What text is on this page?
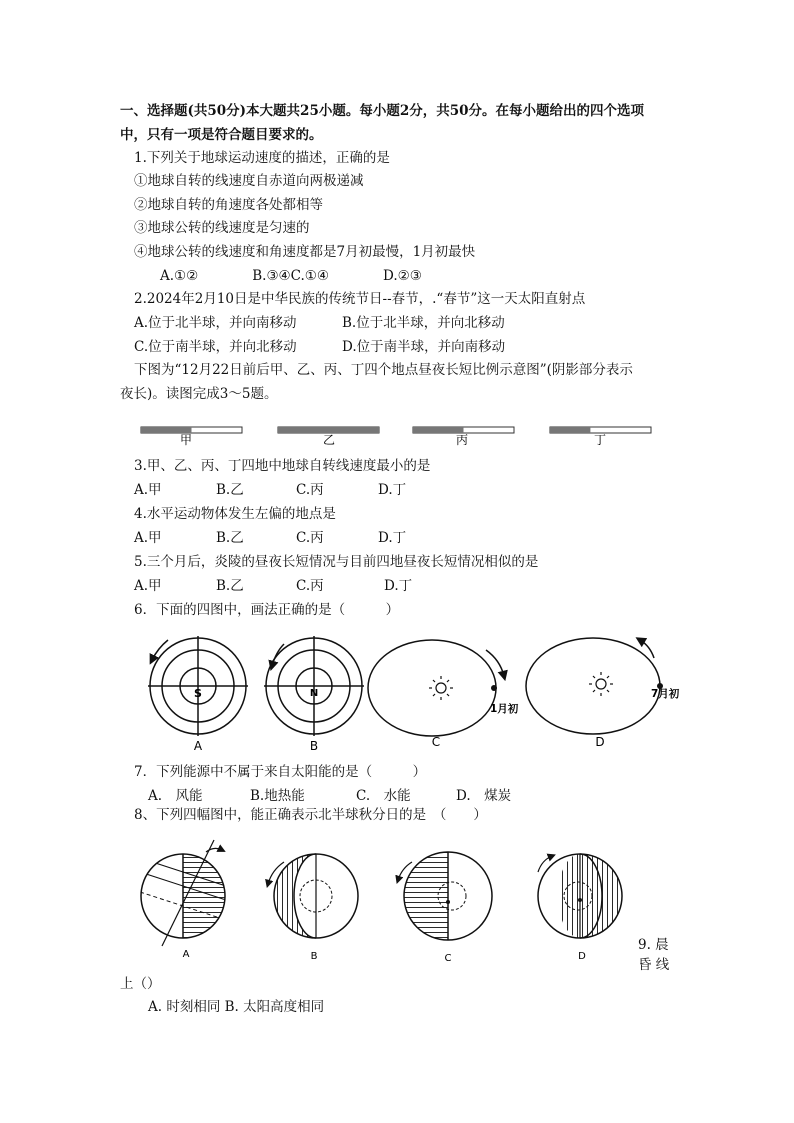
一、选择题(共50分)本大题共25小题。每小题2分，共50分。在每小题给出的四个选项
中，只有一项是符合题目要求的。
1.下列关于地球运动速度的描述，正确的是
①地球自转的线速度自赤道向两极递减
②地球自转的角速度各处都相等
③地球公转的线速度是匀速的
④地球公转的线速度和角速度都是7月初最慢，1月初最快
A.①②　　　　B.③④C.①④　　　　D.②③
2.2024年2月10日是中华民族的传统节日--春节，.“春节”这一天太阳直射点
A.位于北半球，并向南移动	B.位于北半球，并向北移动
C.位于南半球，并向北移动	D.位于南半球，并向南移动
下图为“12月22日前后甲、乙、丙、丁四个地点昼夜长短比例示意图”(阴影部分表示
夜长)。读图完成3～5题。
甲	乙	丙	丁
3.甲、乙、丙、丁四地中地球自转线速度最小的是
A.甲	B.乙	C.丙	D.丁
4.水平运动物体发生左偏的地点是
A.甲	B.乙	C.丙	D.丁
5.三个月后，炎陵的昼夜长短情况与目前四地昼夜长短情况相似的是
A.甲	B.乙	C.丙	D.丁
6．下面的四图中，画法正确的是（　　　）
S
A
N
B
1月初
C
7月初
D
7．下列能源中不属于来自太阳能的是（　　　）
A.　风能	B.地热能	C.　水能	D.　煤炭
8、下列四幅图中，能正确表示北半球秋分日的是　（　　）
A	B	C	D
9. 晨
昏 线
上（）
A. 时刻相同 B. 太阳高度相同
